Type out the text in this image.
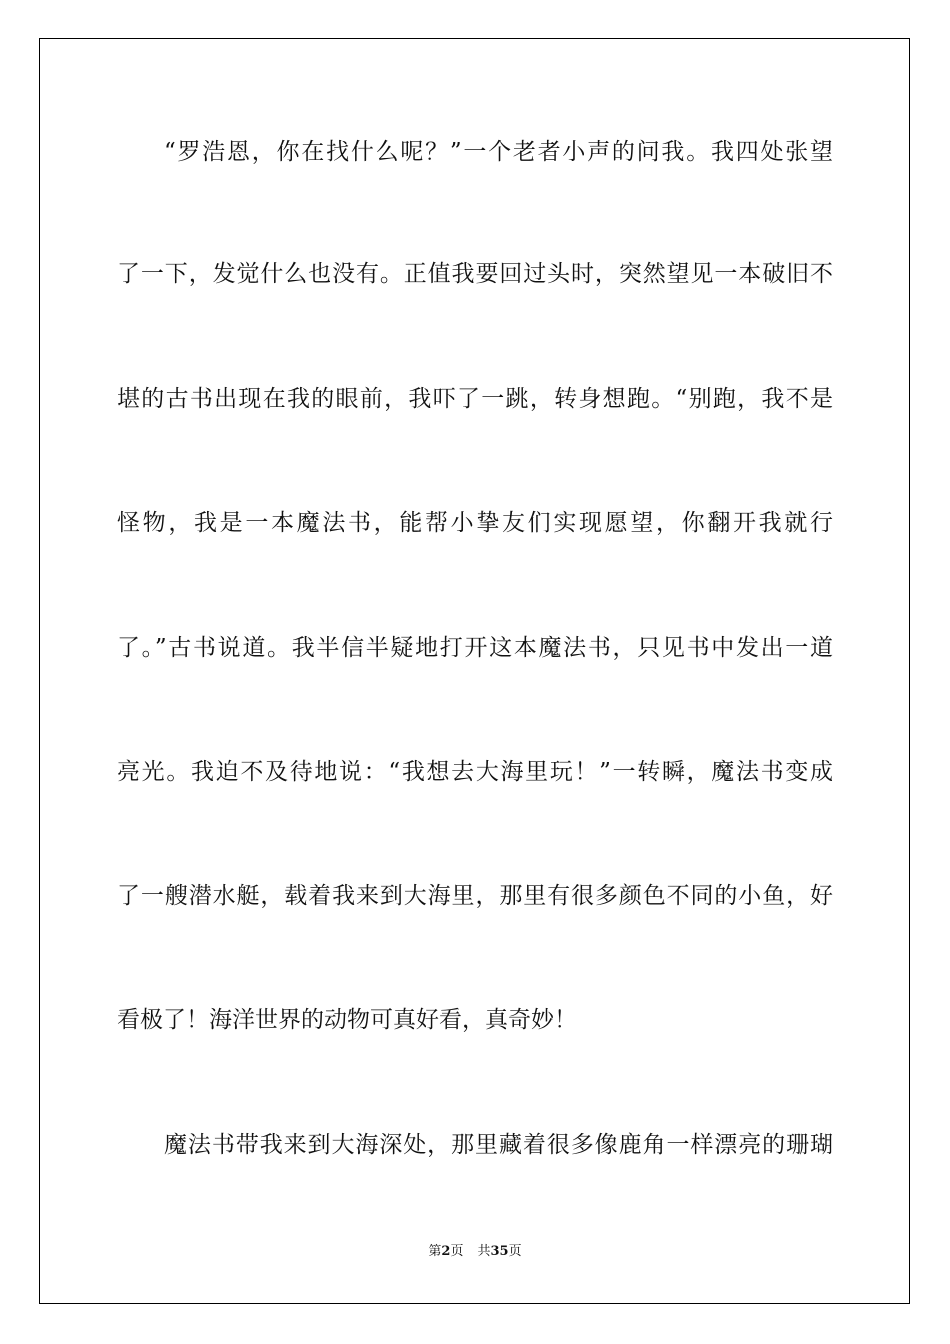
“罗浩恩，你在找什么呢？”一个老者小声的问我。我四处张望

了一下，发觉什么也没有。正值我要回过头时，突然望见一本破旧不

堪的古书出现在我的眼前，我吓了一跳，转身想跑。“别跑，我不是

怪物，我是一本魔法书，能帮小挚友们实现愿望，你翻开我就行

了。”古书说道。我半信半疑地打开这本魔法书，只见书中发出一道

亮光。我迫不及待地说：“我想去大海里玩！”一转瞬，魔法书变成

了一艘潜水艇，载着我来到大海里，那里有很多颜色不同的小鱼，好

看极了！海洋世界的动物可真好看，真奇妙！

魔法书带我来到大海深处，那里藏着很多像鹿角一样漂亮的珊瑚

第2页 共35页
